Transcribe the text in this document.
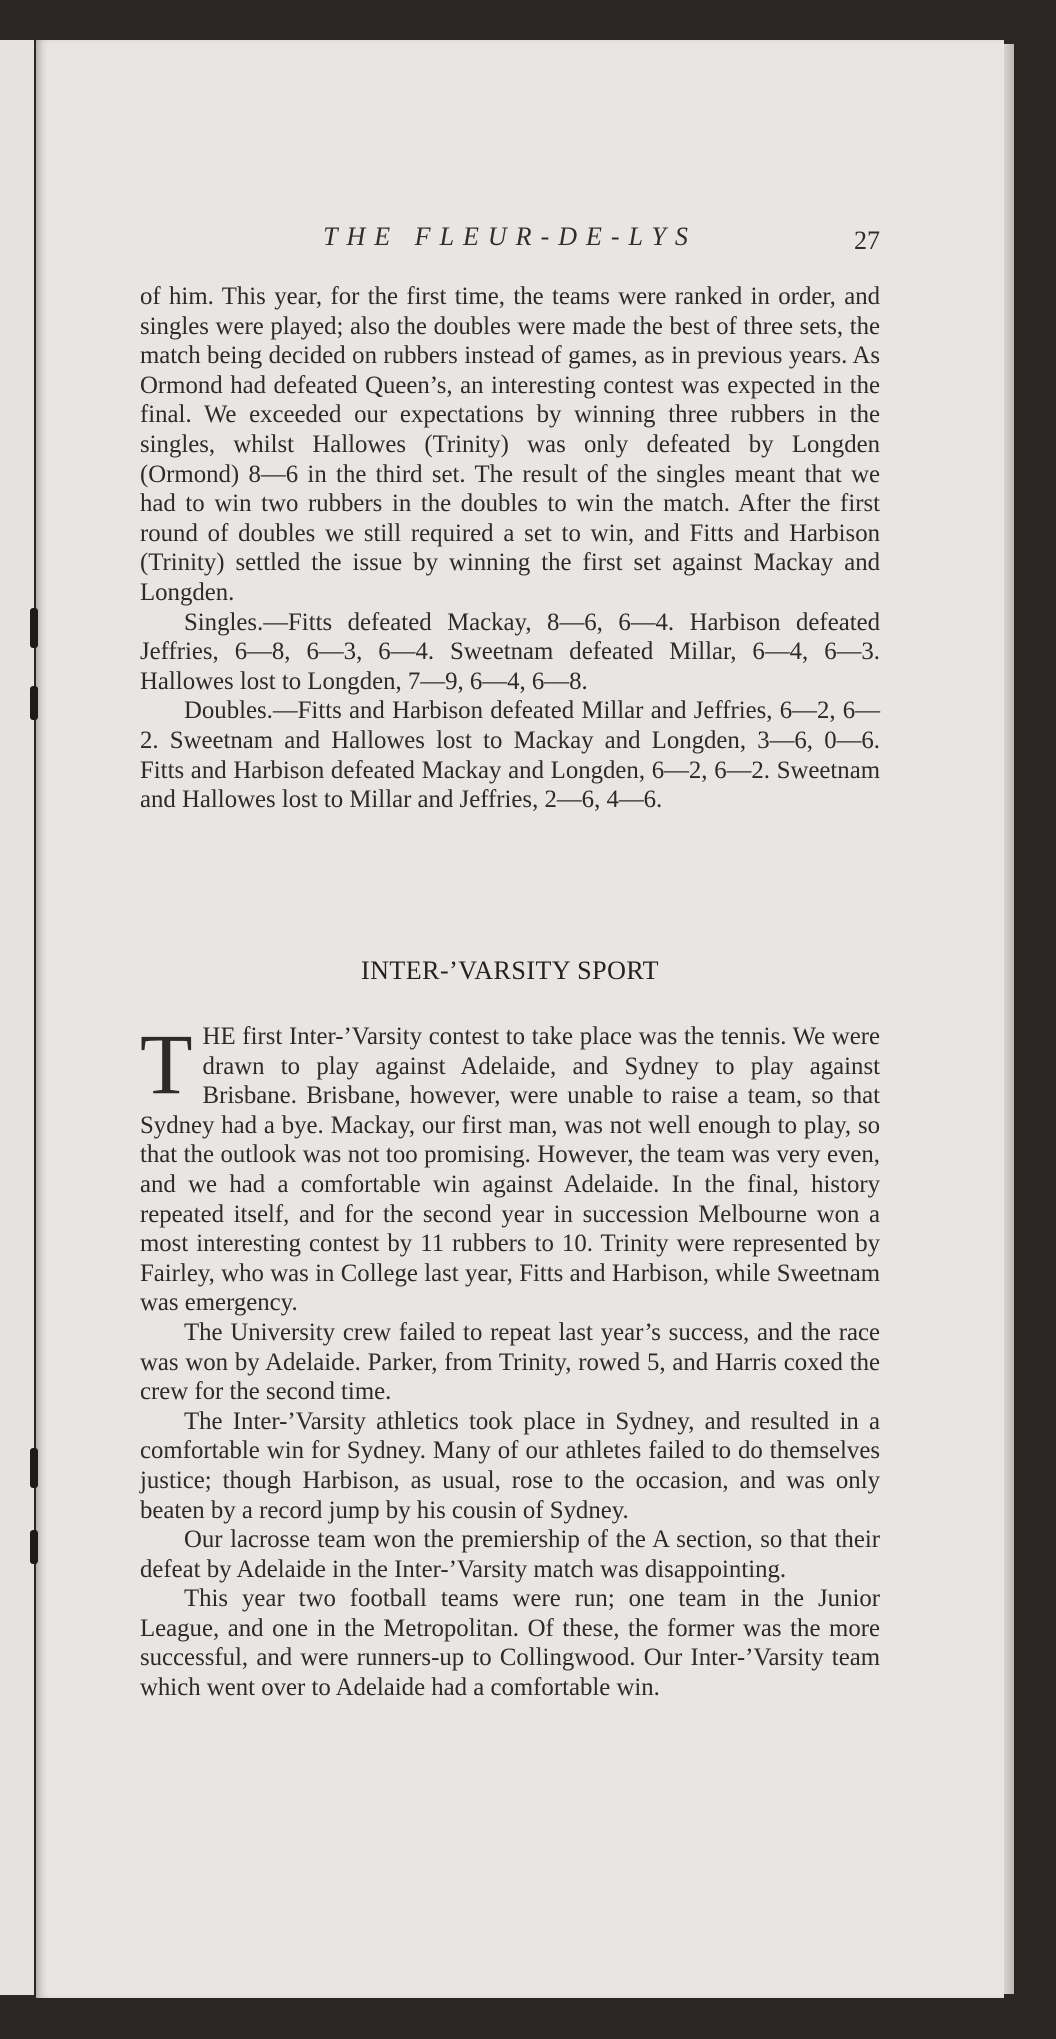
THE FLEUR-DE-LYS	27

of him. This year, for the first time, the teams were ranked in order, and singles were played; also the doubles were made the best of three sets, the match being decided on rubbers instead of games, as in previous years. As Ormond had defeated Queen’s, an interesting contest was expected in the final. We exceeded our expectations by winning three rubbers in the singles, whilst Hallowes (Trinity) was only defeated by Longden (Ormond) 8—6 in the third set. The result of the singles meant that we had to win two rubbers in the doubles to win the match. After the first round of doubles we still required a set to win, and Fitts and Harbison (Trinity) settled the issue by winning the first set against Mackay and Longden.

Singles.—Fitts defeated Mackay, 8—6, 6—4. Harbison defeated Jeffries, 6—8, 6—3, 6—4. Sweetnam defeated Millar, 6—4, 6—3. Hallowes lost to Longden, 7—9, 6—4, 6—8.

Doubles.—Fitts and Harbison defeated Millar and Jeffries, 6—2, 6—2. Sweetnam and Hallowes lost to Mackay and Longden, 3—6, 0—6. Fitts and Harbison defeated Mackay and Longden, 6—2, 6—2. Sweetnam and Hallowes lost to Millar and Jeffries, 2—6, 4—6.

INTER-’VARSITY SPORT

THE first Inter-’Varsity contest to take place was the tennis. We were drawn to play against Adelaide, and Sydney to play against Brisbane. Brisbane, however, were unable to raise a team, so that Sydney had a bye. Mackay, our first man, was not well enough to play, so that the outlook was not too promising. However, the team was very even, and we had a comfortable win against Adelaide. In the final, history repeated itself, and for the second year in succession Melbourne won a most interesting contest by 11 rubbers to 10. Trinity were represented by Fairley, who was in College last year, Fitts and Harbison, while Sweetnam was emergency.

The University crew failed to repeat last year’s success, and the race was won by Adelaide. Parker, from Trinity, rowed 5, and Harris coxed the crew for the second time.

The Inter-’Varsity athletics took place in Sydney, and resulted in a comfortable win for Sydney. Many of our athletes failed to do themselves justice; though Harbison, as usual, rose to the occasion, and was only beaten by a record jump by his cousin of Sydney.

Our lacrosse team won the premiership of the A section, so that their defeat by Adelaide in the Inter-’Varsity match was disappointing.

This year two football teams were run; one team in the Junior League, and one in the Metropolitan. Of these, the former was the more successful, and were runners-up to Collingwood. Our Inter-’Varsity team which went over to Adelaide had a comfortable win.
